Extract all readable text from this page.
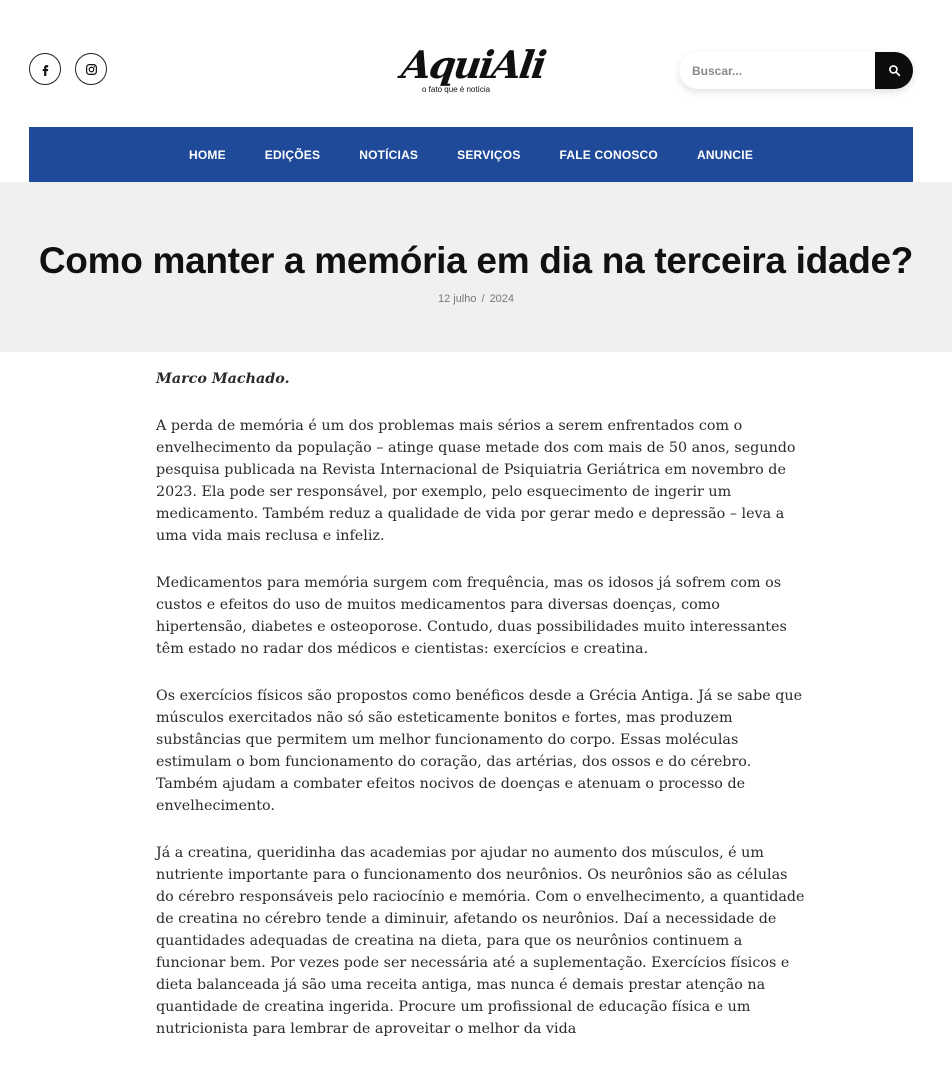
AquiAli
o fato que é notícia
Buscar...
HOME	EDIÇÕES	NOTÍCIAS	SERVIÇOS	FALE CONOSCO	ANUNCIE
Como manter a memória em dia na terceira idade?
12 julho / 2024
Marco Machado.

A perda de memória é um dos problemas mais sérios a serem enfrentados com o envelhecimento da população – atinge quase metade dos com mais de 50 anos, segundo pesquisa publicada na Revista Internacional de Psiquiatria Geriátrica em novembro de 2023. Ela pode ser responsável, por exemplo, pelo esquecimento de ingerir um medicamento. Também reduz a qualidade de vida por gerar medo e depressão – leva a uma vida mais reclusa e infeliz.

Medicamentos para memória surgem com frequência, mas os idosos já sofrem com os custos e efeitos do uso de muitos medicamentos para diversas doenças, como hipertensão, diabetes e osteoporose. Contudo, duas possibilidades muito interessantes têm estado no radar dos médicos e cientistas: exercícios e creatina.

Os exercícios físicos são propostos como benéficos desde a Grécia Antiga. Já se sabe que músculos exercitados não só são esteticamente bonitos e fortes, mas produzem substâncias que permitem um melhor funcionamento do corpo. Essas moléculas estimulam o bom funcionamento do coração, das artérias, dos ossos e do cérebro. Também ajudam a combater efeitos nocivos de doenças e atenuam o processo de envelhecimento.

Já a creatina, queridinha das academias por ajudar no aumento dos músculos, é um nutriente importante para o funcionamento dos neurônios. Os neurônios são as células do cérebro responsáveis pelo raciocínio e memória. Com o envelhecimento, a quantidade de creatina no cérebro tende a diminuir, afetando os neurônios. Daí a necessidade de quantidades adequadas de creatina na dieta, para que os neurônios continuem a funcionar bem. Por vezes pode ser necessária até a suplementação. Exercícios físicos e dieta balanceada já são uma receita antiga, mas nunca é demais prestar atenção na quantidade de creatina ingerida. Procure um profissional de educação física e um nutricionista para lembrar de aproveitar o melhor da vida
